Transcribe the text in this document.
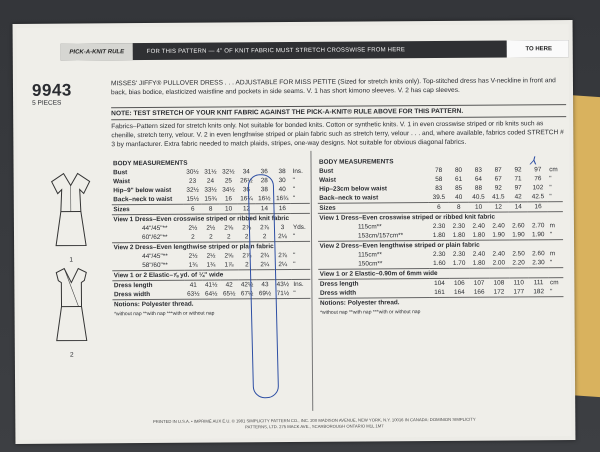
PICK-A-KNIT RULE	FOR THIS PATTERN — 4" OF KNIT FABRIC MUST STRETCH CROSSWISE FROM HERE	TO HERE
9943
5 PIECES
MISSES' JIFFY® PULLOVER DRESS . . . ADJUSTABLE FOR MISS PETITE (Sized for stretch knits only). Top-stitched dress has V-neckline in front and back, bias bodice, elasticized waistline and pockets in side seams. V. 1 has short kimono sleeves. V. 2 has cap sleeves.
NOTE: TEST STRETCH OF YOUR KNIT FABRIC AGAINST THE PICK-A-KNIT® RULE ABOVE FOR THIS PATTERN.
Fabrics–Pattern sized for stretch knits only. Not suitable for bonded knits. Cotton or synthetic knits. V. 1 in even crosswise striped or rib knits such as chenille, stretch terry, velour. V. 2 in even lengthwise striped or plain fabric such as stretch terry, velour . . . and, where available, fabrics coded STRETCH # 3 by manfacturer. Extra fabric needed to match plaids, stripes, one-way designs. Not suitable for obvious diagonal fabrics.
1
2
BODY MEASUREMENTS							
Bust	30½	31½	32½	34	36	38	Ins.
Waist	23	24	25	26½	28	30	"
Hip–9" below waist	32½	33½	34½	36	38	40	"
Back–neck to waist	15½	15¾	16	16¼	16½	16¾	"
Sizes	6	8	10	12	14	16	
View 1 Dress–Even crosswise striped or ribbed knit fabric							
44"/45"**	2½	2½	2⅝	2⅞	2⅞	3	Yds.
60"/62"**	2	2	2	2	2	2⅛	"
View 2 Dress–Even lengthwise striped or plain fabric							
44"/45"**	2½	2½	2⅝	2⅞	2¾	2⅞	"
58"/60"**	1¾	1¾	1⅞	2	2¼	2¼	"
View 1 or 2 Elastic–⅞ yd. of ¼" wide							
Dress length	41	41½	42	42½	43	43½	Ins.
Dress width	63½	64½	65½	67½	69½	71½	"
Notions: Polyester thread.							
*without nap **with nap ***with or without nap							
BODY MEASUREMENTS							
Bust	78	80	83	87	92	97	cm
Waist	58	61	64	67	71	76	"
Hip–23cm below waist	83	85	88	92	97	102	"
Back–neck to waist	39.5	40	40.5	41.5	42	42.5	"
Sizes	6	8	10	12	14	16	
View 1 Dress–Even crosswise striped or ribbed knit fabric							
115cm**	2.30	2.30	2.40	2.40	2.60	2.70	m
153cm/157cm**	1.80	1.80	1.80	1.90	1.90	1.90	"
View 2 Dress–Even lengthwise striped or plain fabric							
115cm**	2.30	2.30	2.40	2.40	2.50	2.60	m
150cm**	1.60	1.70	1.80	2.00	2.20	2.30	"
View 1 or 2 Elastic–0.90m of 6mm wide							
Dress length	104	106	107	108	110	111	cm
Dress width	161	164	166	172	177	182	"
Notions: Polyester thread.							
*without nap **with nap ***with or without nap							
⅄
PRINTED IN U.S.A. • IMPRIMÉ AUX É.U. © 1981 SIMPLICITY PATTERN CO., INC. 200 MADISON AVENUE, NEW YORK, N.Y. 10016 IN CANADA: DOMINION SIMPLICITY PATTERNS, LTD. 275 MACK AVE., SCARBOROUGH ONTARIO M1L 1M7
